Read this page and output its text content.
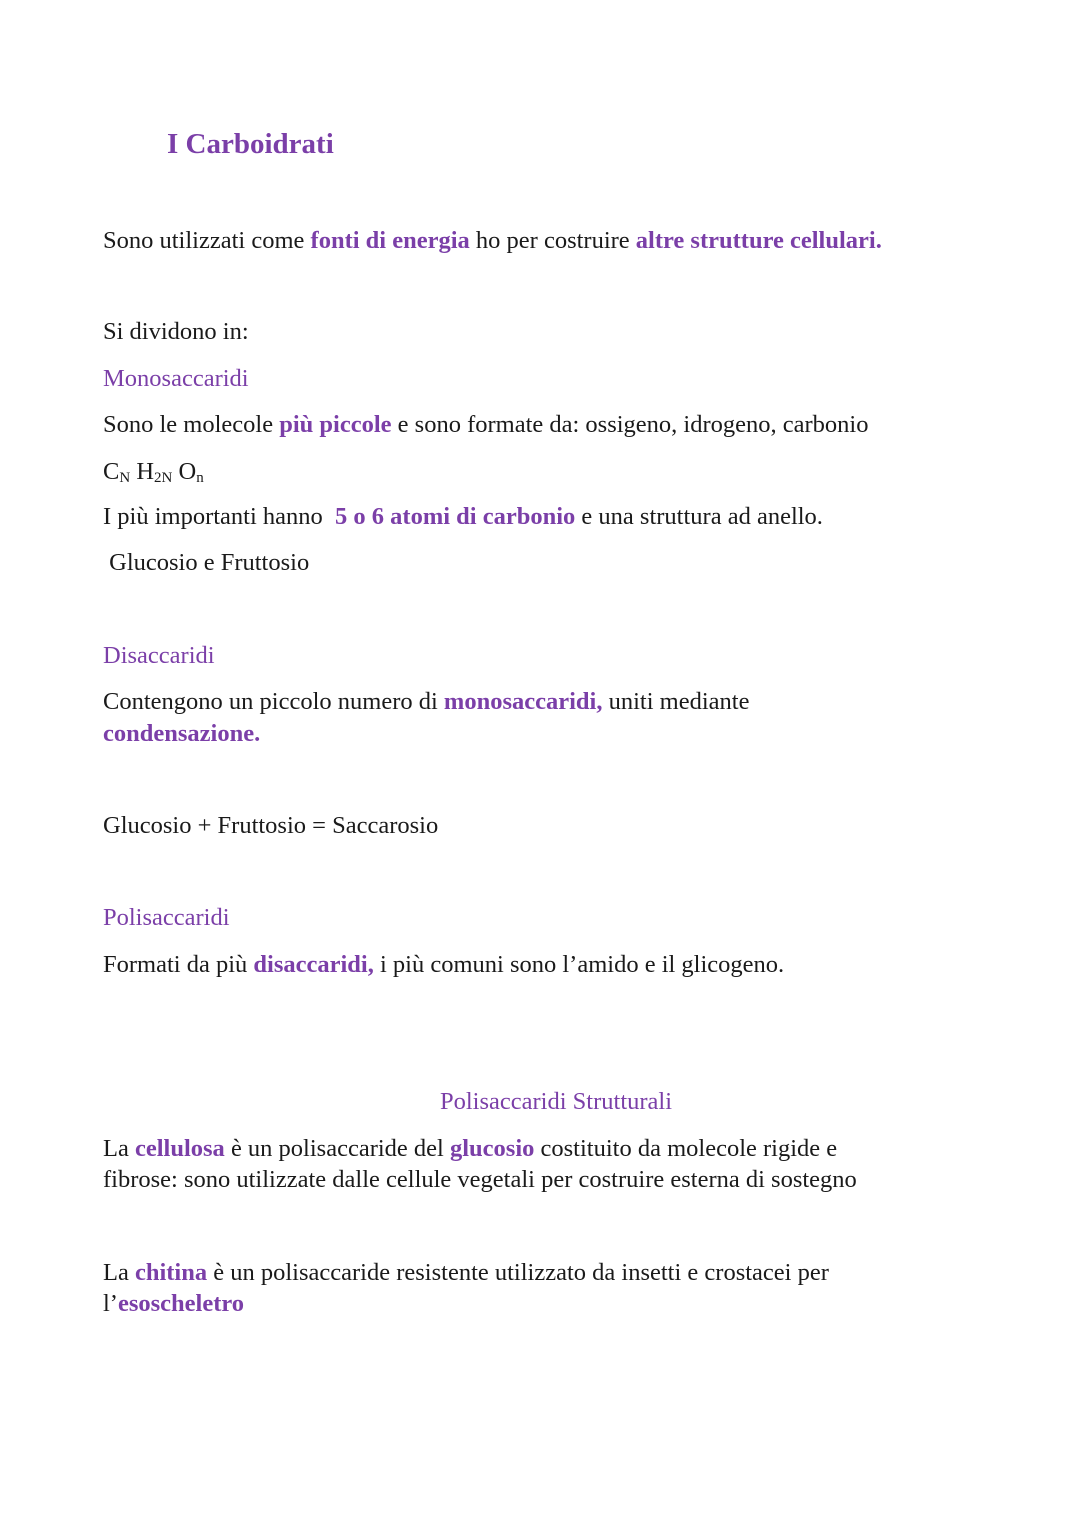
I Carboidrati
Sono utilizzati come fonti di energia ho per costruire altre strutture cellulari.
Si dividono in:
Monosaccaridi
Sono le molecole più piccole e sono formate da: ossigeno, idrogeno, carbonio
$C_N$ $H_{2N}$ $O_n$
I più importanti hanno  5 o 6 atomi di carbonio e una struttura ad anello.
Glucosio e Fruttosio
Disaccaridi
Contengono un piccolo numero di monosaccaridi, uniti mediante
condensazione.
Glucosio + Fruttosio = Saccarosio
Polisaccaridi
Formati da più disaccaridi, i più comuni sono l’amido e il glicogeno.
Polisaccaridi Strutturali
La cellulosa è un polisaccaride del glucosio costituito da molecole rigide e
fibrose: sono utilizzate dalle cellule vegetali per costruire esterna di sostegno
La chitina è un polisaccaride resistente utilizzato da insetti e crostacei per
l’esoscheletro
